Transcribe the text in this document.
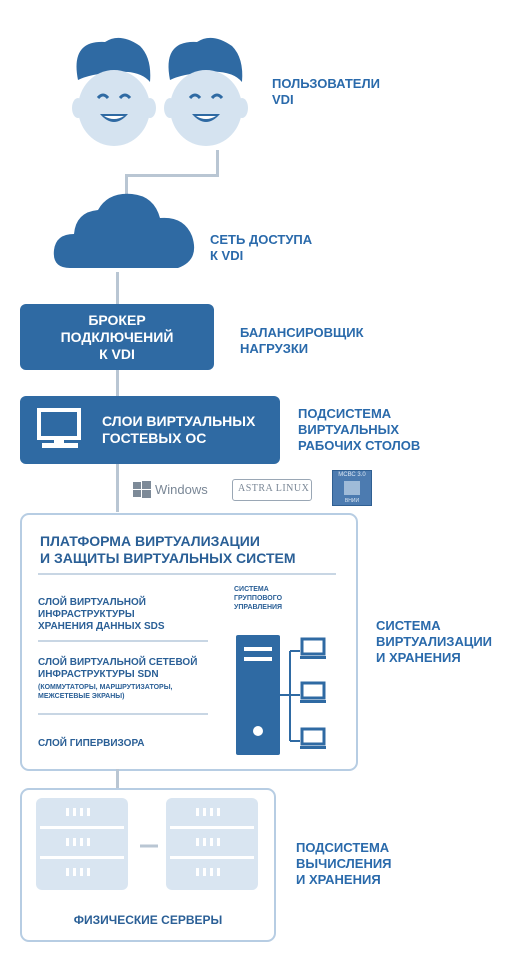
ПОЛЬЗОВАТЕЛИ
VDI
СЕТЬ ДОСТУПА
К VDI
БРОКЕР
ПОДКЛЮЧЕНИЙ
К VDI
БАЛАНСИРОВЩИК
НАГРУЗКИ
СЛОИ ВИРТУАЛЬНЫХ
ГОСТЕВЫХ ОС
ПОДСИСТЕМА
ВИРТУАЛЬНЫХ
РАБОЧИХ СТОЛОВ
Windows	ASTRA LINUX
МСВС 3.0
ВНИИ
ПЛАТФОРМА ВИРТУАЛИЗАЦИИ
И ЗАЩИТЫ ВИРТУАЛЬНЫХ СИСТЕМ
СЛОЙ ВИРТУАЛЬНОЙ
ИНФРАСТРУКТУРЫ
ХРАНЕНИЯ ДАННЫХ SDS
СЛОЙ ВИРТУАЛЬНОЙ СЕТЕВОЙ
ИНФРАСТРУКТУРЫ SDN
(КОММУТАТОРЫ, МАРШРУТИЗАТОРЫ,
МЕЖСЕТЕВЫЕ ЭКРАНЫ)
СЛОЙ ГИПЕРВИЗОРА
СИСТЕМА
ГРУППОВОГО
УПРАВЛЕНИЯ
СИСТЕМА
ВИРТУАЛИЗАЦИИ
И ХРАНЕНИЯ
ФИЗИЧЕСКИЕ СЕРВЕРЫ
ПОДСИСТЕМА
ВЫЧИСЛЕНИЯ
И ХРАНЕНИЯ
